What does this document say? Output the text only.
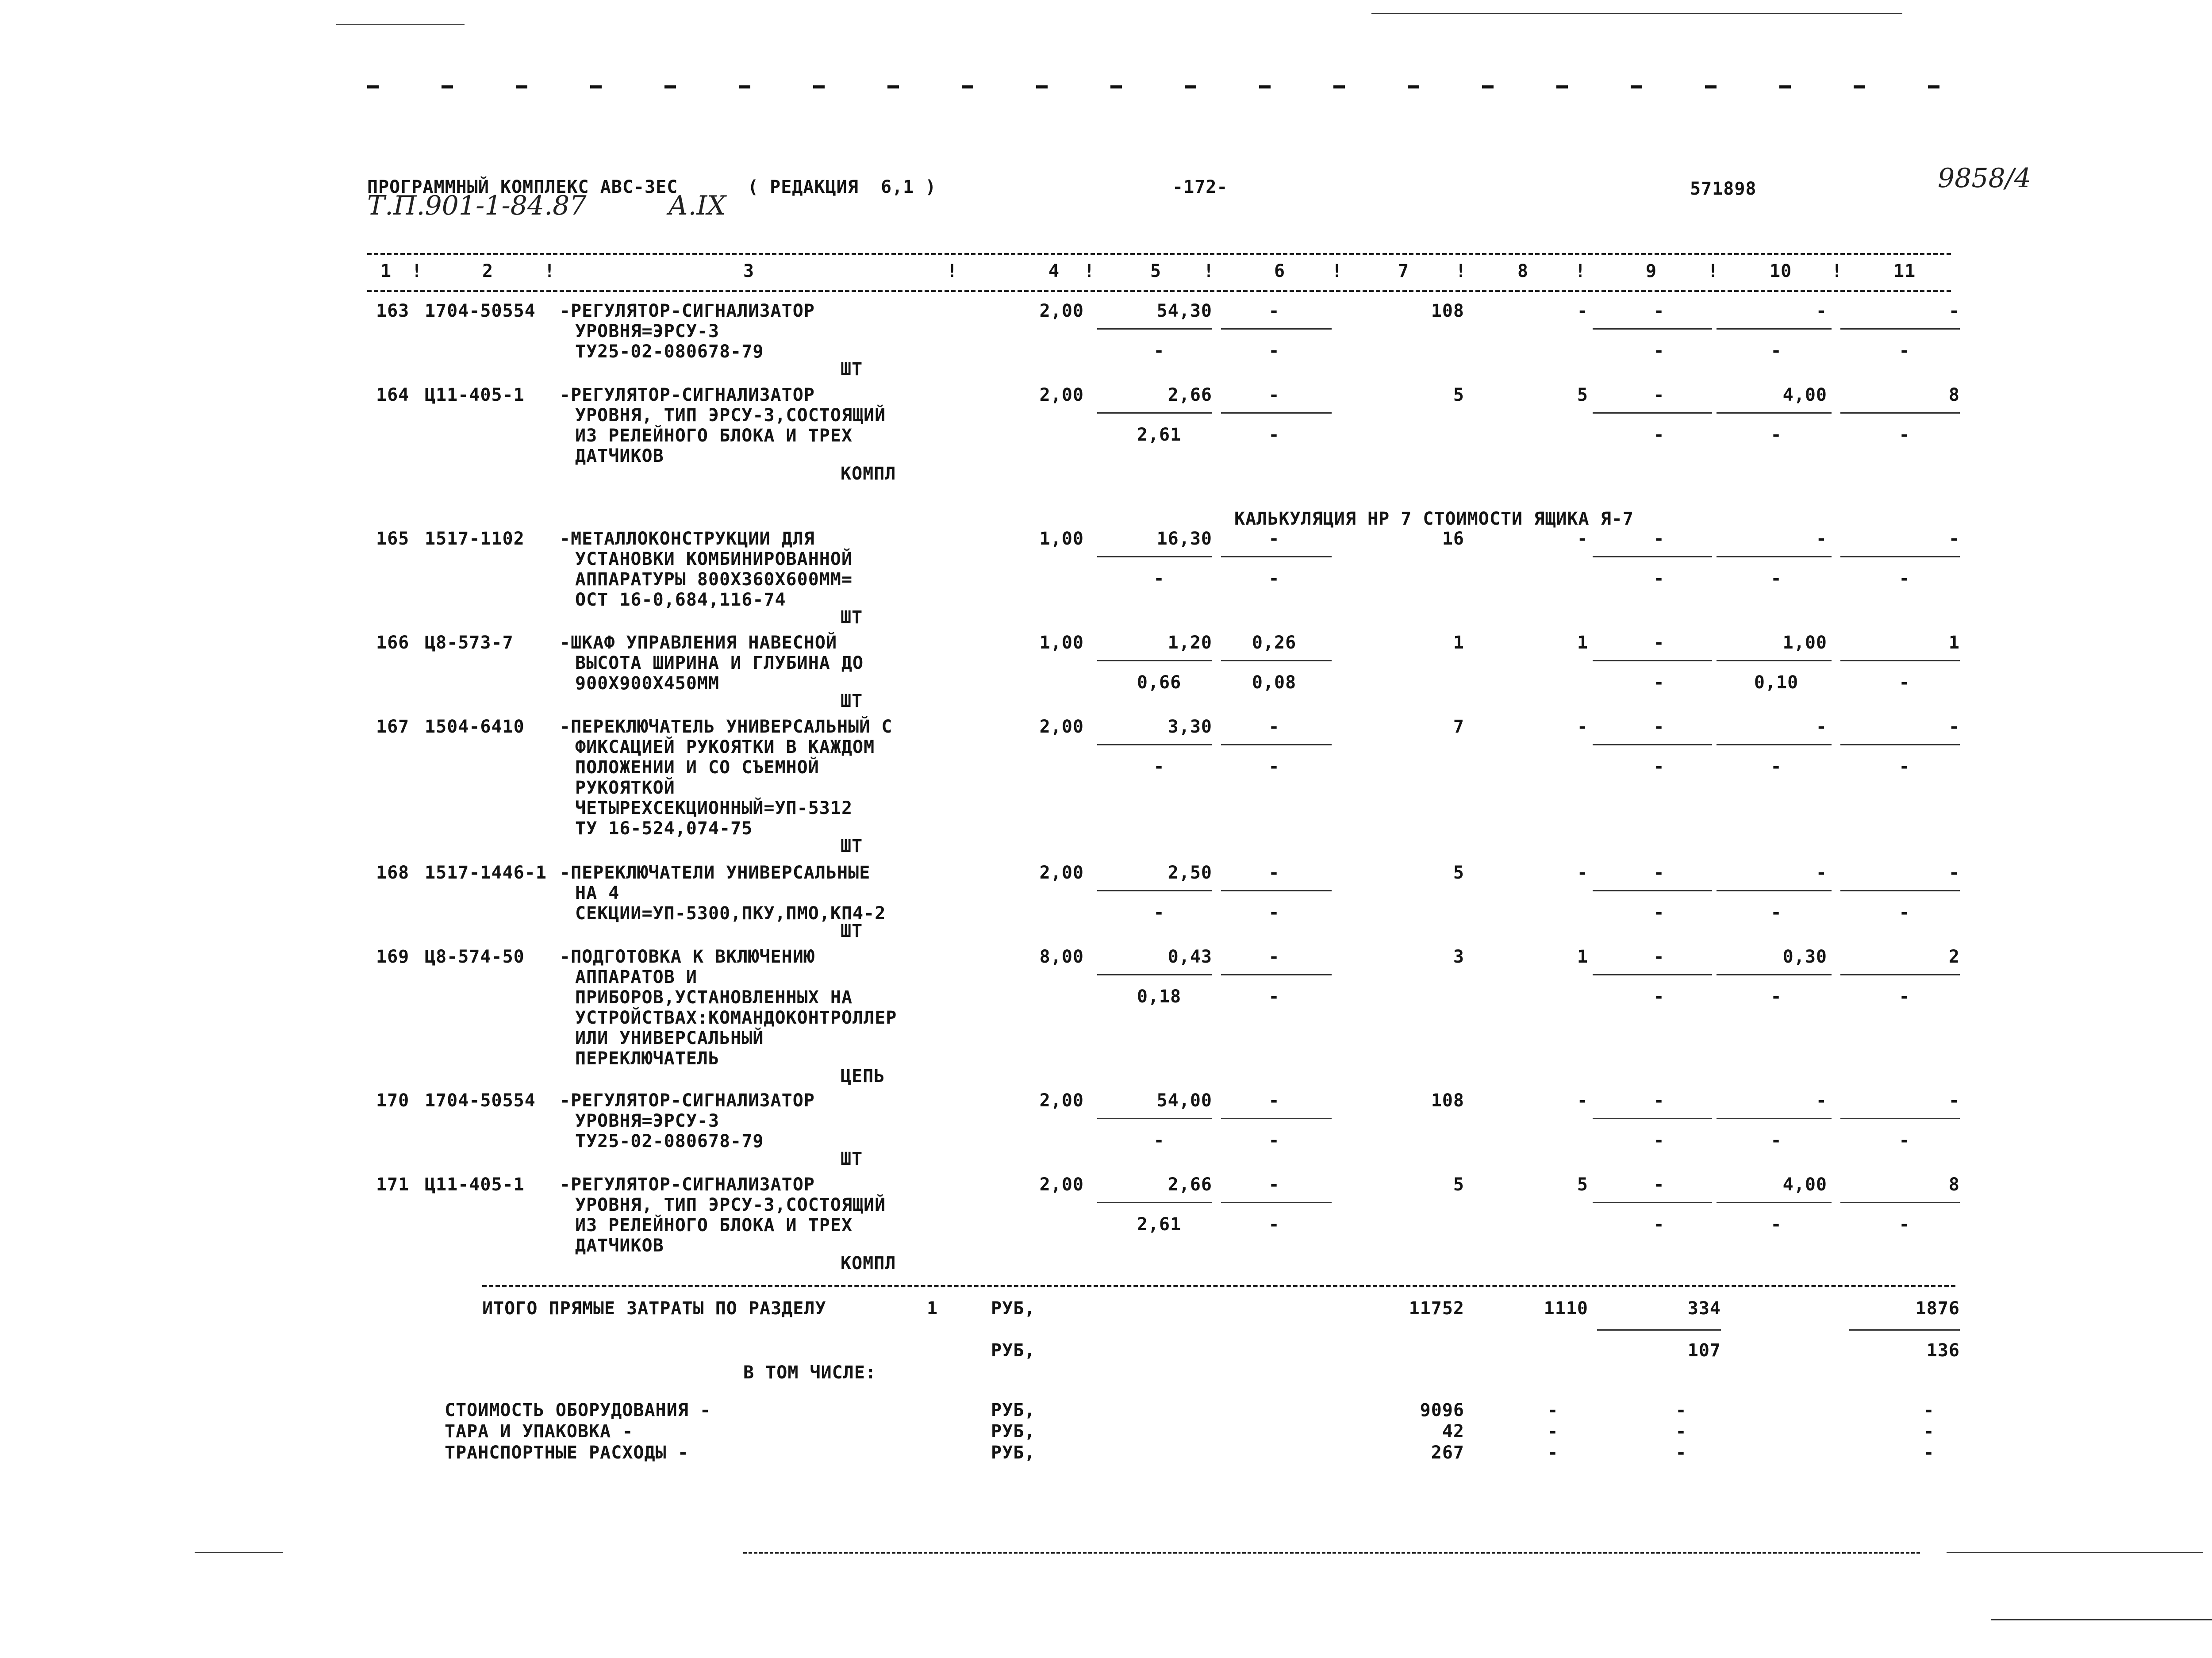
ПРОГРАММНЫЙ КОМПЛЕКС АВС-3ЕС	( РЕДАКЦИЯ  6,1 )	-172-	571898
Т.П.901-1-84.87	А.IX
9858/4
1	2	3	4	5	6	7	8	9	10	11
!	!	!	!	!	!	!	!	!	!
163 1704-50554 -РЕГУЛЯТОР-СИГНАЛИЗАТОР
УРОВНЯ=ЭРСУ-3
ТУ25-02-080678-79
ШТ
2,00	54,30	-	108	-	-	-	-
-	-	-	-	-
164 Ц11-405-1 -РЕГУЛЯТОР-СИГНАЛИЗАТОР
УРОВНЯ, ТИП ЭРСУ-3,СОСТОЯЩИЙ
ИЗ РЕЛЕЙНОГО БЛОКА И ТРЕХ
ДАТЧИКОВ
КОМПЛ
2,00	2,66	-	5	5	-	4,00	8
2,61	-	-	-	-
165 1517-1102 -МЕТАЛЛОКОНСТРУКЦИИ ДЛЯ
УСТАНОВКИ КОМБИНИРОВАННОЙ
АППАРАТУРЫ 800Х360Х600ММ=
ОСТ 16-0,684,116-74
ШТ
1,00	16,30	-	16	-	-	-	-
-	-	-	-	-
166 Ц8-573-7	-ШКАФ УПРАВЛЕНИЯ НАВЕСНОЙ
ВЫСОТА ШИРИНА И ГЛУБИНА ДО
900Х900Х450ММ
ШТ
1,00	1,20	0,26	1	1	-	1,00	1
0,66	0,08	-	0,10	-
167 1504-6410 -ПЕРЕКЛЮЧАТЕЛЬ УНИВЕРСАЛЬНЫЙ С
ФИКСАЦИЕЙ РУКОЯТКИ В КАЖДОМ
ПОЛОЖЕНИИ И СО СЪЕМНОЙ
РУКОЯТКОЙ
ЧЕТЫРЕХСЕКЦИОННЫЙ=УП-5312
ТУ 16-524,074-75
ШТ
2,00	3,30	-	7	-	-	-	-
-	-	-	-	-
168 1517-1446-1 -ПЕРЕКЛЮЧАТЕЛИ УНИВЕРСАЛЬНЫЕ
НА 4
СЕКЦИИ=УП-5300,ПКУ,ПМО,КП4-2
ШТ
2,00	2,50	-	5	-	-	-	-
-	-	-	-	-
169 Ц8-574-50 -ПОДГОТОВКА К ВКЛЮЧЕНИЮ
АППАРАТОВ И
ПРИБОРОВ,УСТАНОВЛЕННЫХ НА
УСТРОЙСТВАХ:КОМАНДОКОНТРОЛЛЕР
ИЛИ УНИВЕРСАЛЬНЫЙ
ПЕРЕКЛЮЧАТЕЛЬ
ЦЕПЬ
8,00	0,43	-	3	1	-	0,30	2
0,18	-	-	-	-
170 1704-50554 -РЕГУЛЯТОР-СИГНАЛИЗАТОР
УРОВНЯ=ЭРСУ-3
ТУ25-02-080678-79
ШТ
2,00	54,00	-	108	-	-	-	-
-	-	-	-	-
171 Ц11-405-1 -РЕГУЛЯТОР-СИГНАЛИЗАТОР
УРОВНЯ, ТИП ЭРСУ-3,СОСТОЯЩИЙ
ИЗ РЕЛЕЙНОГО БЛОКА И ТРЕХ
ДАТЧИКОВ
КОМПЛ
2,00	2,66	-	5	5	-	4,00	8
2,61	-	-	-	-
КАЛЬКУЛЯЦИЯ НР 7 СТОИМОСТИ ЯЩИКА Я-7
ИТОГО ПРЯМЫЕ ЗАТРАТЫ ПО РАЗДЕЛУ	1	РУБ,	11752	1110	334	1876
РУБ,	107	136
В ТОМ ЧИСЛЕ:
СТОИМОСТЬ ОБОРУДОВАНИЯ -	РУБ,	9096	-	-	-
ТАРА И УПАКОВКА -	РУБ,	42	-	-	-
ТРАНСПОРТНЫЕ РАСХОДЫ -	РУБ,	267	-	-	-
